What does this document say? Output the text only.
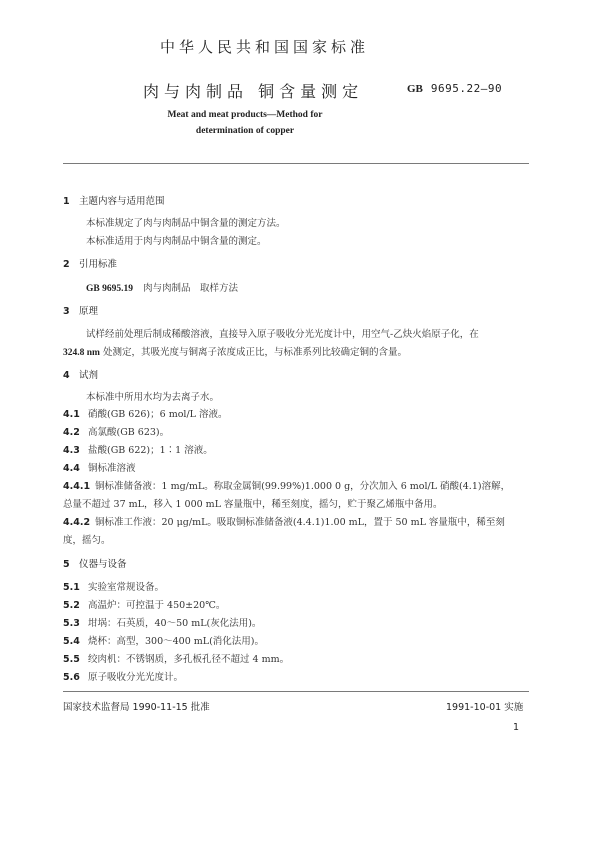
中华人民共和国国家标准
肉与肉制品 铜含量测定	GB 9695.22—90
Meat and meat products—Method for
determination of copper
1 主题内容与适用范围
本标准规定了肉与肉制品中铜含量的测定方法。
本标准适用于肉与肉制品中铜含量的测定。
2 引用标准
GB 9695.19 肉与肉制品　取样方法
3 原理
试样经前处理后制成稀酸溶液，直接导入原子吸收分光光度计中，用空气-乙炔火焰原子化，在
324.8 nm 处测定，其吸光度与铜离子浓度成正比，与标准系列比较确定铜的含量。
4 试剂
本标准中所用水均为去离子水。
4.1 硝酸(GB 626)；6 mol/L 溶液。
4.2 高氯酸(GB 623)。
4.3 盐酸(GB 622)；1∶1 溶液。
4.4 铜标准溶液
4.4.1 铜标准储备液：1 mg/mL。称取金属铜(99.99%)1.000 0 g，分次加入 6 mol/L 硝酸(4.1)溶解，
总量不超过 37 mL，移入 1 000 mL 容量瓶中，稀至刻度，摇匀，贮于聚乙烯瓶中备用。
4.4.2 铜标准工作液：20 μg/mL。吸取铜标准储备液(4.4.1)1.00 mL，置于 50 mL 容量瓶中，稀至刻
度，摇匀。
5 仪器与设备
5.1 实验室常规设备。
5.2 高温炉：可控温于 450±20℃。
5.3 坩埚：石英质，40～50 mL(灰化法用)。
5.4 烧杯：高型，300～400 mL(消化法用)。
5.5 绞肉机：不锈钢质，多孔板孔径不超过 4 mm。
5.6 原子吸收分光光度计。
国家技术监督局 1990-11-15 批准	1991-10-01 实施
1
